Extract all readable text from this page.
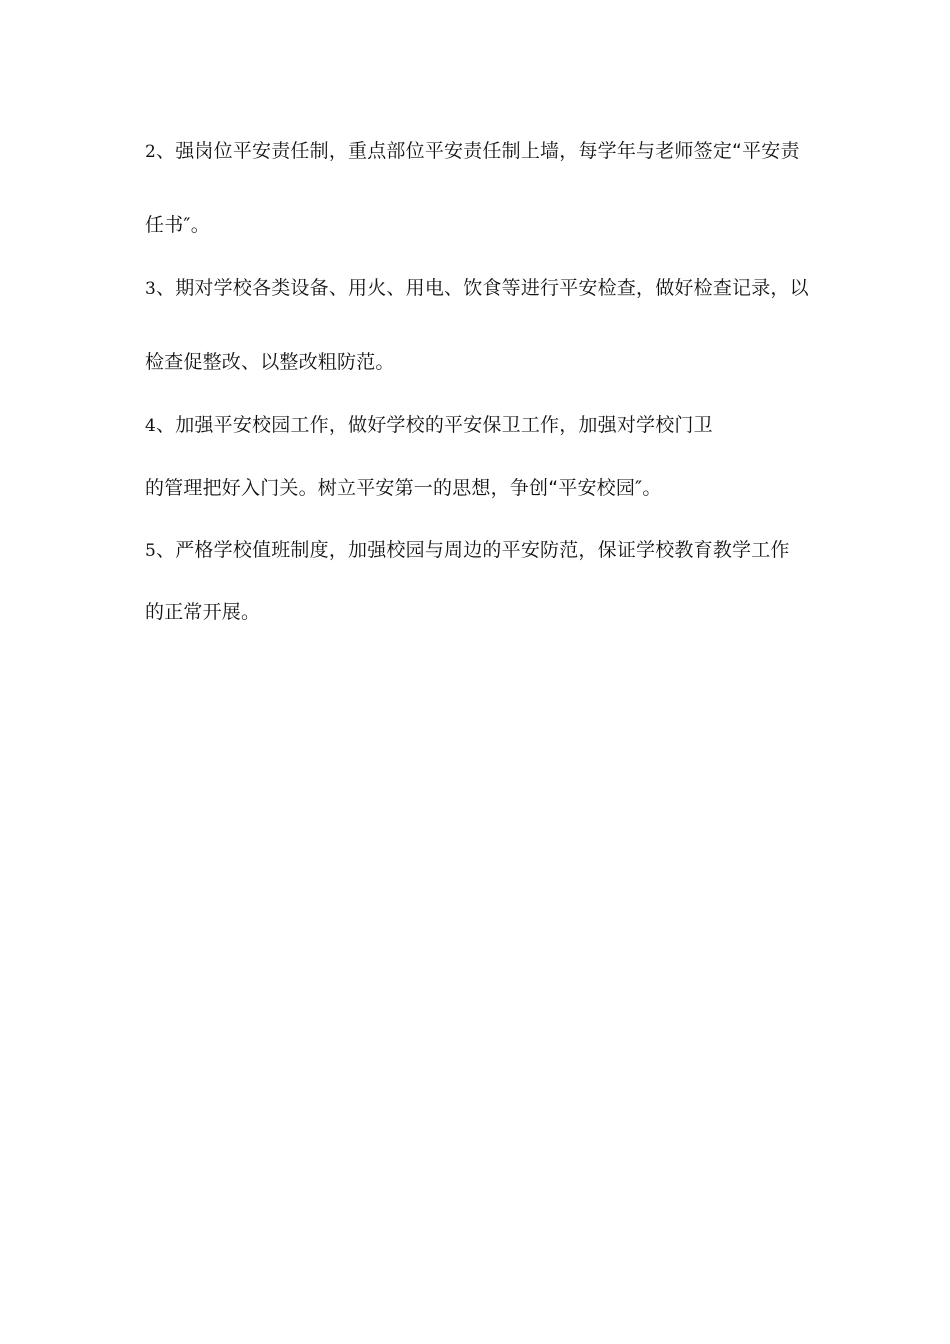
2、强岗位平安责任制，重点部位平安责任制上墙，每学年与老师签定“平安责
任书″。
3、期对学校各类设备、用火、用电、饮食等进行平安检查，做好检查记录，以
检查促整改、以整改粗防范。
4、加强平安校园工作，做好学校的平安保卫工作，加强对学校门卫
的管理把好入门关。树立平安第一的思想，争创“平安校园″。
5、严格学校值班制度，加强校园与周边的平安防范，保证学校教育教学工作
的正常开展。
